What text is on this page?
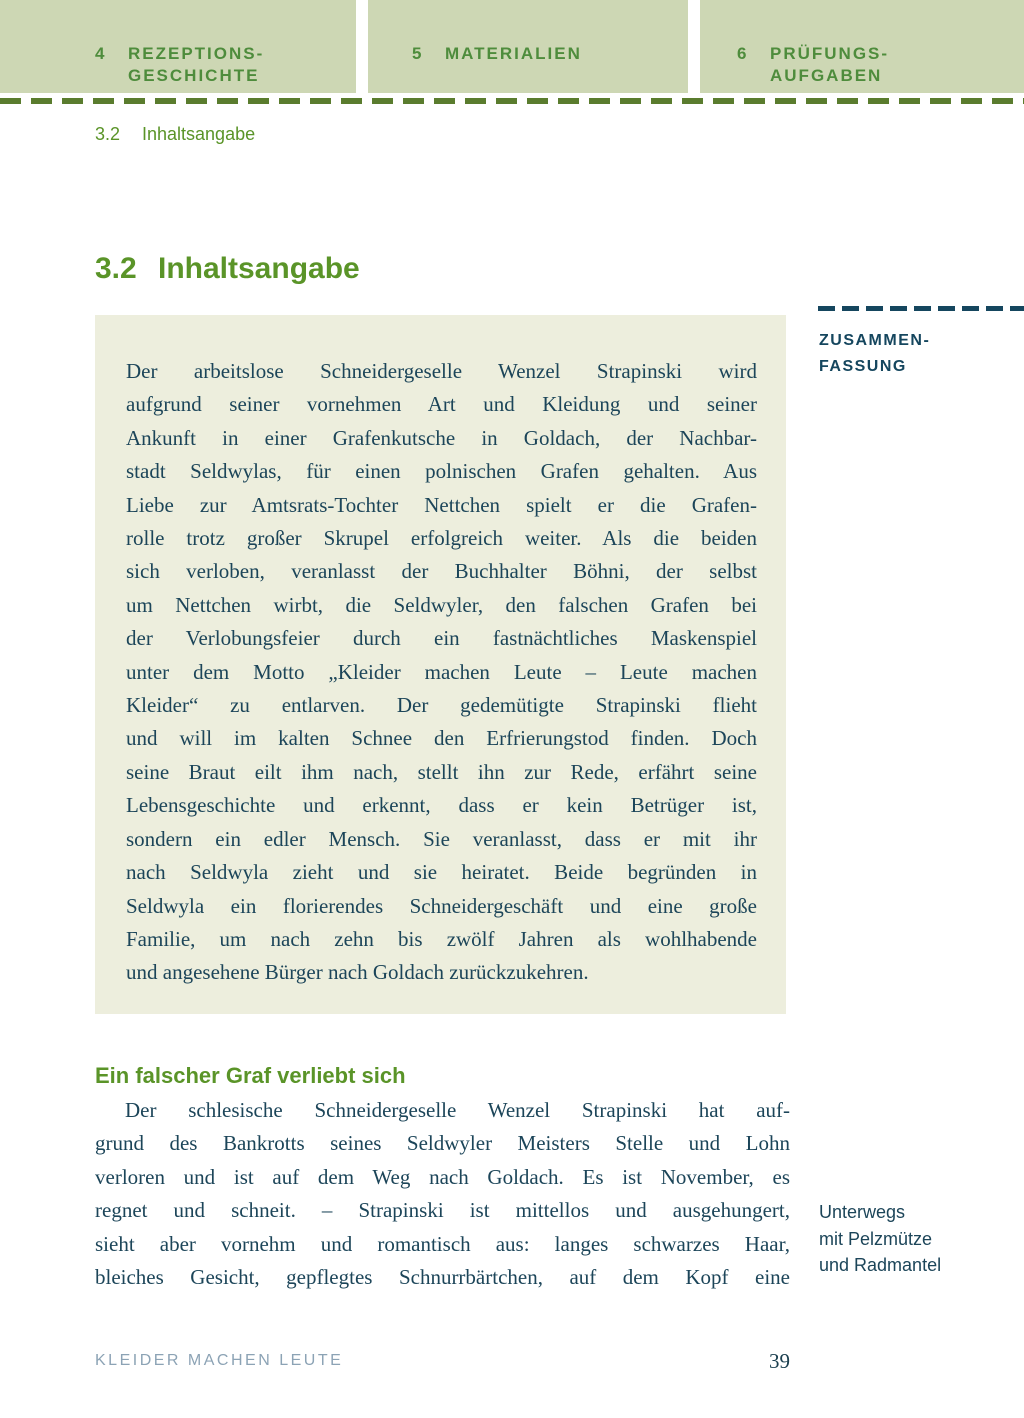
4	REZEPTIONS-
GESCHICHTE
5	MATERIALIEN	6	PRÜFUNGS-
AUFGABEN
3.2	Inhaltsangabe
3.2 Inhaltsangabe
Der arbeitslose Schneidergeselle Wenzel Strapinski wird
aufgrund seiner vornehmen Art und Kleidung und seiner
Ankunft in einer Grafenkutsche in Goldach, der Nachbar-
stadt Seldwylas, für einen polnischen Grafen gehalten. Aus
Liebe zur Amtsrats-Tochter Nettchen spielt er die Grafen-
rolle trotz großer Skrupel erfolgreich weiter. Als die beiden
sich verloben, veranlasst der Buchhalter Böhni, der selbst
um Nettchen wirbt, die Seldwyler, den falschen Grafen bei
der Verlobungsfeier durch ein fastnächtliches Maskenspiel
unter dem Motto „Kleider machen Leute – Leute machen
Kleider“ zu entlarven. Der gedemütigte Strapinski flieht
und will im kalten Schnee den Erfrierungstod finden. Doch
seine Braut eilt ihm nach, stellt ihn zur Rede, erfährt seine
Lebensgeschichte und erkennt, dass er kein Betrüger ist,
sondern ein edler Mensch. Sie veranlasst, dass er mit ihr
nach Seldwyla zieht und sie heiratet. Beide begründen in
Seldwyla ein florierendes Schneidergeschäft und eine große
Familie, um nach zehn bis zwölf Jahren als wohlhabende
und angesehene Bürger nach Goldach zurückzukehren.
ZUSAMMEN-
FASSUNG
Ein falscher Graf verliebt sich
Der schlesische Schneidergeselle Wenzel Strapinski hat auf-
grund des Bankrotts seines Seldwyler Meisters Stelle und Lohn
verloren und ist auf dem Weg nach Goldach. Es ist November, es
regnet und schneit. – Strapinski ist mittellos und ausgehungert,
sieht aber vornehm und romantisch aus: langes schwarzes Haar,
bleiches Gesicht, gepflegtes Schnurrbärtchen, auf dem Kopf eine
Unterwegs
mit Pelzmütze
und Radmantel
KLEIDER MACHEN LEUTE	39
